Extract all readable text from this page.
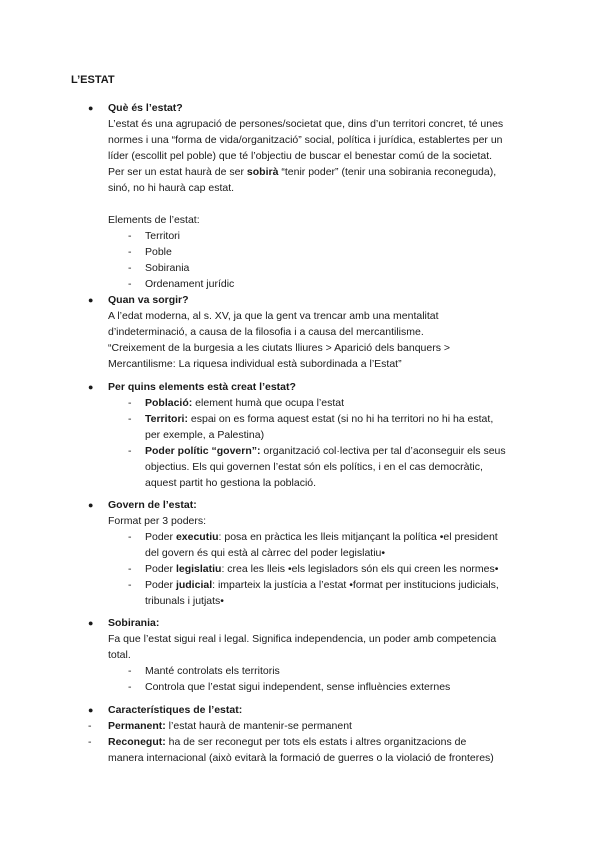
L’ESTAT
● Què és l’estat?
L’estat és una agrupació de persones/societat que, dins d’un territori concret, té unes
normes i una “forma de vida/organització” social, política i jurídica, establertes per un
líder (escollit pel poble) que té l’objectiu de buscar el benestar comú de la societat.
Per ser un estat haurà de ser sobirà “tenir poder” (tenir una sobirania reconeguda),
sinó, no hi haurà cap estat.
Elements de l’estat:
- Territori
- Poble
- Sobirania
- Ordenament jurídic
● Quan va sorgir?
A l’edat moderna, al s. XV, ja que la gent va trencar amb una mentalitat
d’indeterminació, a causa de la filosofia i a causa del mercantilisme.
“Creixement de la burgesia a les ciutats lliures > Aparició dels banquers >
Mercantilisme: La riquesa individual està subordinada a l’Estat”
● Per quins elements està creat l’estat?
- Població: element humà que ocupa l’estat
- Territori: espai on es forma aquest estat (si no hi ha territori no hi ha estat,
per exemple, a Palestina)
- Poder polític “govern”: organització col·lectiva per tal d’aconseguir els seus
objectius. Els qui governen l’estat són els polítics, i en el cas democràtic,
aquest partit ho gestiona la població.
● Govern de l’estat:
Format per 3 poders:
- Poder executiu: posa en pràctica les lleis mitjançant la política •el president
del govern és qui està al càrrec del poder legislatiu•
- Poder legislatiu: crea les lleis •els legisladors són els qui creen les normes•
- Poder judicial: imparteix la justícia a l’estat •format per institucions judicials,
tribunals i jutjats•
● Sobirania:
Fa que l’estat sigui real i legal. Significa independencia, un poder amb competencia
total.
- Manté controlats els territoris
- Controla que l’estat sigui independent, sense influències externes
● Característiques de l’estat:
- Permanent: l’estat haurà de mantenir-se permanent
- Reconegut: ha de ser reconegut per tots els estats i altres organitzacions de
manera internacional (això evitarà la formació de guerres o la violació de fronteres)
